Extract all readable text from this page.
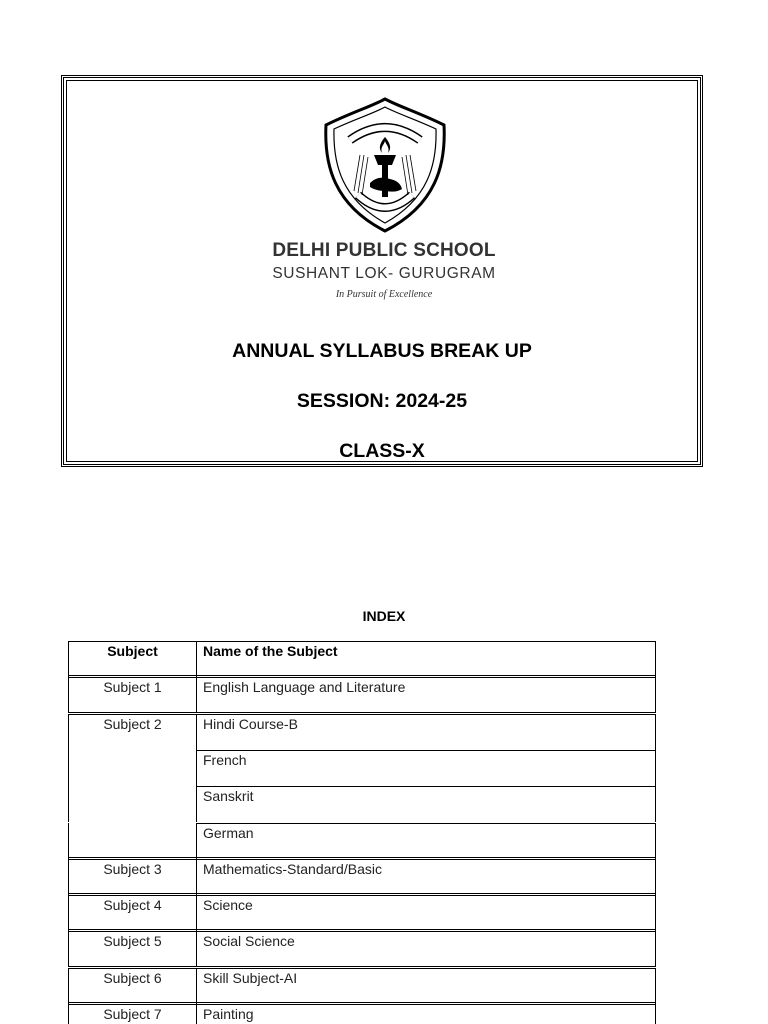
DELHI PUBLIC SCHOOL
SUSHANT LOK- GURUGRAM
In Pursuit of Excellence
ANNUAL SYLLABUS BREAK UP
SESSION: 2024-25
CLASS-X
INDEX
Subject	Name of the Subject
Subject 1	English Language and Literature
Subject 2	Hindi Course-B
French
Sanskrit
German
Subject 3	Mathematics-Standard/Basic
Subject 4	Science
Subject 5	Social Science
Subject 6	Skill Subject-AI
Subject 7	Painting
